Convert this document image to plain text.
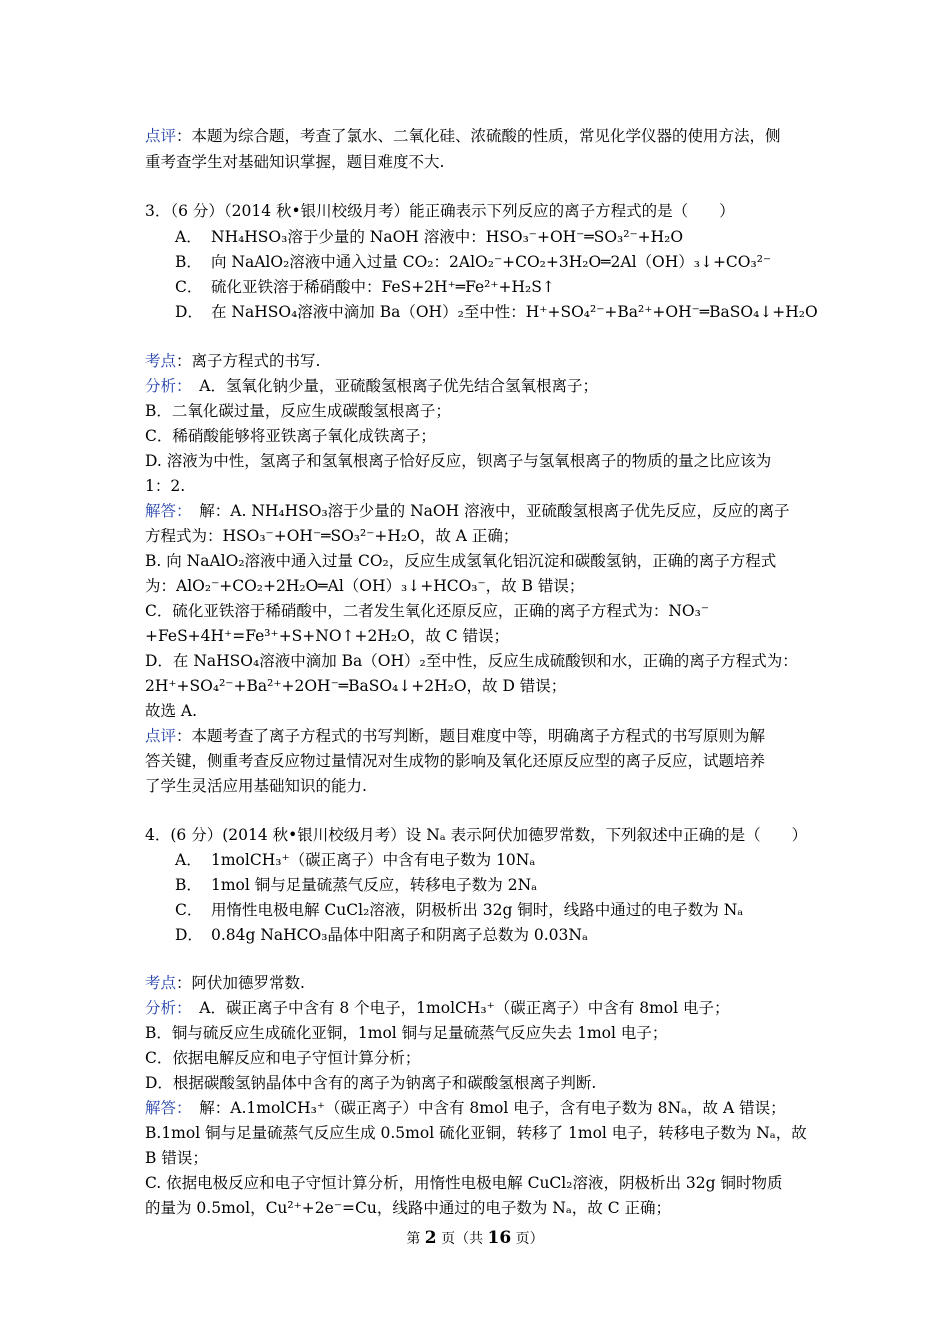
点评：本题为综合题，考查了氯水、二氧化硅、浓硫酸的性质，常见化学仪器的使用方法，侧
重考查学生对基础知识掌握，题目难度不大.
3．（6 分）（2014 秋•银川校级月考）能正确表示下列反应的离子方程式的是（　　）
A． NH₄HSO₃溶于少量的 NaOH 溶液中：HSO₃⁻+OH⁻═SO₃²⁻+H₂O
B． 向 NaAlO₂溶液中通入过量 CO₂：2AlO₂⁻+CO₂+3H₂O═2Al（OH）₃↓+CO₃²⁻
C． 硫化亚铁溶于稀硝酸中：FeS+2H⁺═Fe²⁺+H₂S↑
D． 在 NaHSO₄溶液中滴加 Ba（OH）₂至中性：H⁺+SO₄²⁻+Ba²⁺+OH⁻═BaSO₄↓+H₂O
考点：离子方程式的书写.
分析：　A．氢氧化钠少量，亚硫酸氢根离子优先结合氢氧根离子；
B．二氧化碳过量，反应生成碳酸氢根离子；
C．稀硝酸能够将亚铁离子氧化成铁离子；
D. 溶液为中性，氢离子和氢氧根离子恰好反应，钡离子与氢氧根离子的物质的量之比应该为
1：2.
解答：　解：A. NH₄HSO₃溶于少量的 NaOH 溶液中，亚硫酸氢根离子优先反应，反应的离子
方程式为：HSO₃⁻+OH⁻═SO₃²⁻+H₂O，故 A 正确；
B. 向 NaAlO₂溶液中通入过量 CO₂，反应生成氢氧化铝沉淀和碳酸氢钠，正确的离子方程式
为：AlO₂⁻+CO₂+2H₂O═Al（OH）₃↓+HCO₃⁻，故 B 错误；
C．硫化亚铁溶于稀硝酸中，二者发生氧化还原反应，正确的离子方程式为：NO₃⁻
+FeS+4H⁺=Fe³⁺+S+NO↑+2H₂O，故 C 错误；
D．在 NaHSO₄溶液中滴加 Ba（OH）₂至中性，反应生成硫酸钡和水，正确的离子方程式为：
2H⁺+SO₄²⁻+Ba²⁺+2OH⁻═BaSO₄↓+2H₂O，故 D 错误；
故选 A.
点评：本题考查了离子方程式的书写判断，题目难度中等，明确离子方程式的书写原则为解
答关键，侧重考查反应物过量情况对生成物的影响及氧化还原反应型的离子反应，试题培养
了学生灵活应用基础知识的能力.
4．(6 分）(2014 秋•银川校级月考）设 Nₐ 表示阿伏加德罗常数，下列叙述中正确的是（　　）
A． 1molCH₃⁺（碳正离子）中含有电子数为 10Nₐ
B． 1mol 铜与足量硫蒸气反应，转移电子数为 2Nₐ
C． 用惰性电极电解 CuCl₂溶液，阴极析出 32g 铜时，线路中通过的电子数为 Nₐ
D． 0.84g NaHCO₃晶体中阳离子和阴离子总数为 0.03Nₐ
考点：阿伏加德罗常数.
分析：　A．碳正离子中含有 8 个电子，1molCH₃⁺（碳正离子）中含有 8mol 电子；
B．铜与硫反应生成硫化亚铜，1mol 铜与足量硫蒸气反应失去 1mol 电子；
C．依据电解反应和电子守恒计算分析；
D．根据碳酸氢钠晶体中含有的离子为钠离子和碳酸氢根离子判断.
解答：　解：A.1molCH₃⁺（碳正离子）中含有 8mol 电子，含有电子数为 8Nₐ，故 A 错误；
B.1mol 铜与足量硫蒸气反应生成 0.5mol 硫化亚铜，转移了 1mol 电子，转移电子数为 Nₐ，故
B 错误；
C. 依据电极反应和电子守恒计算分析，用惰性电极电解 CuCl₂溶液，阴极析出 32g 铜时物质
的量为 0.5mol，Cu²⁺+2e⁻=Cu，线路中通过的电子数为 Nₐ，故 C 正确；
第 2 页（共 16 页）
